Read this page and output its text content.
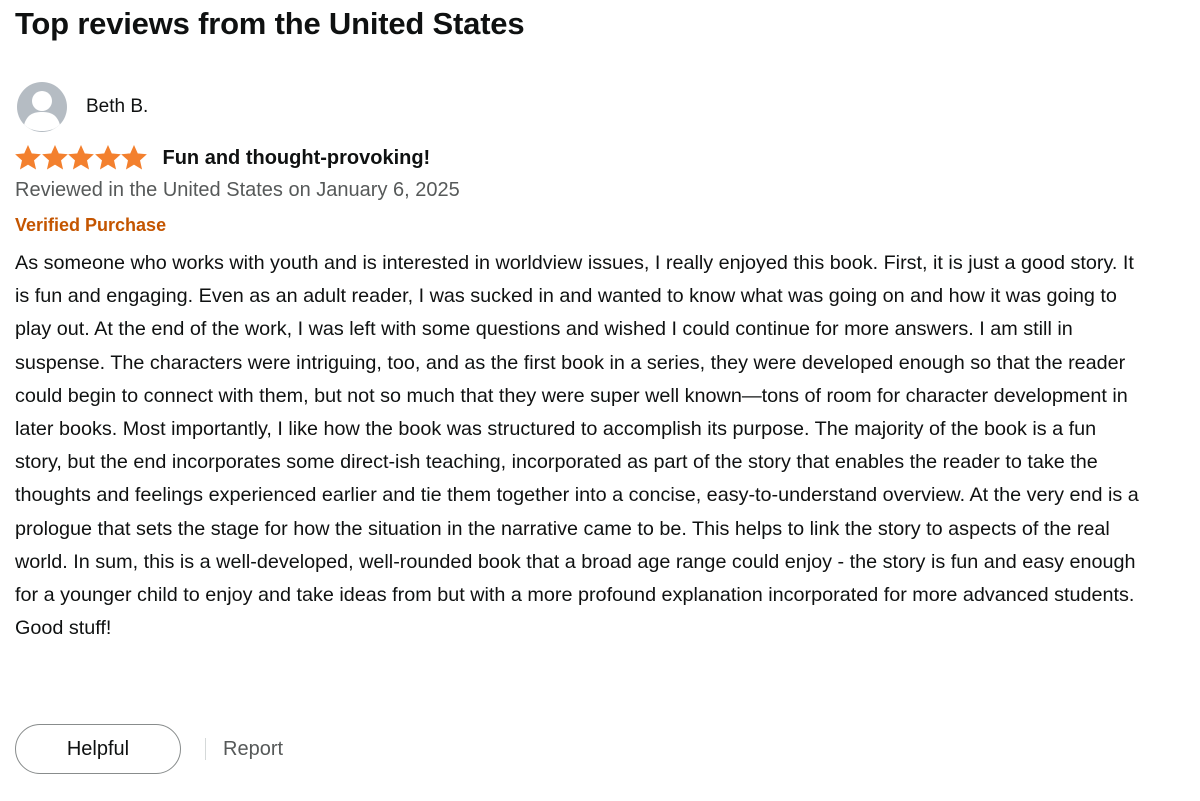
Top reviews from the United States
Beth B.
Fun and thought-provoking!
Reviewed in the United States on January 6, 2025
Verified Purchase

As someone who works with youth and is interested in worldview issues, I really enjoyed this book. First, it is just a good story. It is fun and engaging. Even as an adult reader, I was sucked in and wanted to know what was going on and how it was going to play out. At the end of the work, I was left with some questions and wished I could continue for more answers. I am still in suspense. The characters were intriguing, too, and as the first book in a series, they were developed enough so that the reader could begin to connect with them, but not so much that they were super well known—tons of room for character development in later books. Most importantly, I like how the book was structured to accomplish its purpose. The majority of the book is a fun story, but the end incorporates some direct-ish teaching, incorporated as part of the story that enables the reader to take the thoughts and feelings experienced earlier and tie them together into a concise, easy-to-understand overview. At the very end is a prologue that sets the stage for how the situation in the narrative came to be. This helps to link the story to aspects of the real world. In sum, this is a well-developed, well-rounded book that a broad age range could enjoy - the story is fun and easy enough for a younger child to enjoy and take ideas from but with a more profound explanation incorporated for more advanced students. Good stuff!

Helpful	Report
